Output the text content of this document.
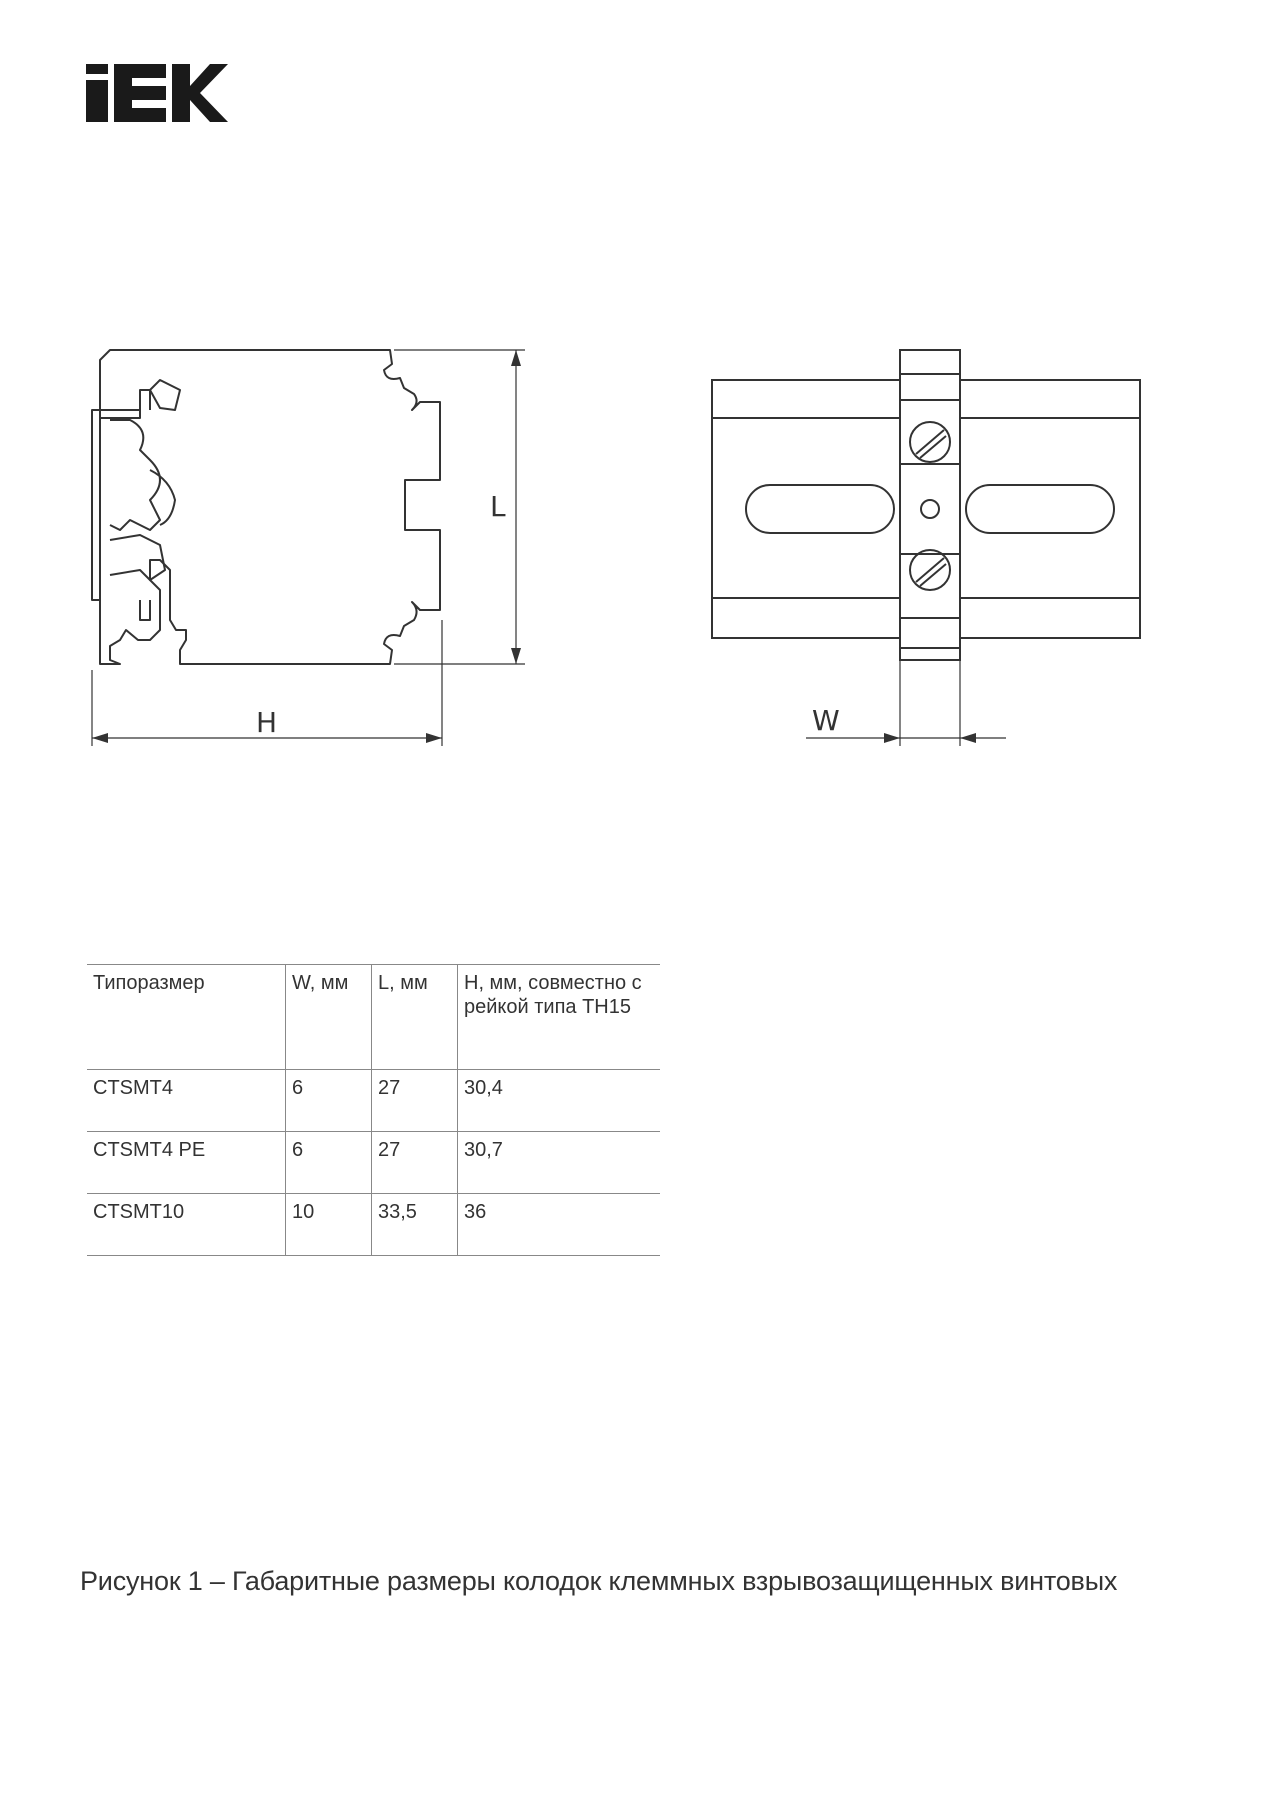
H
L
W
Типоразмер	W, мм	L, мм	H, мм, совместно с рейкой типа ТН15
CTSMT4	6	27	30,4
CTSMT4 PE	6	27	30,7
CTSMT10	10	33,5	36
Рисунок 1 – Габаритные размеры колодок клеммных взрывозащищенных винтовых
